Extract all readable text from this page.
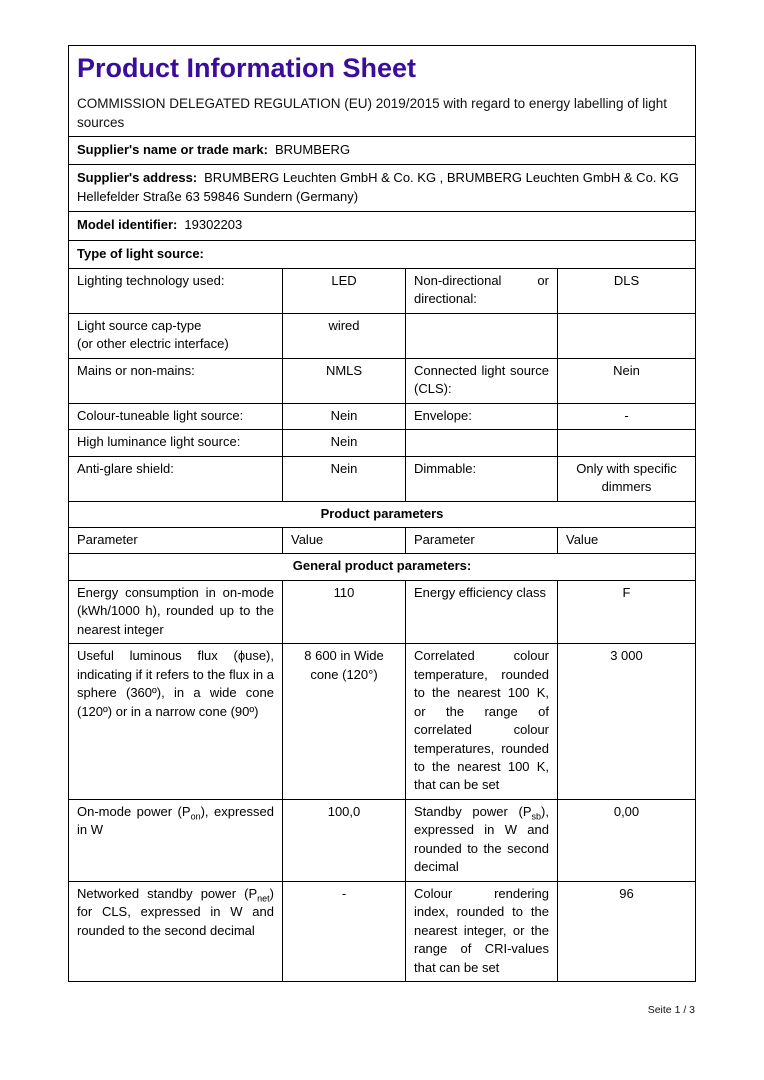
Product Information Sheet

COMMISSION DELEGATED REGULATION (EU) 2019/2015 with regard to energy labelling of light sources

Supplier's name or trade mark: BRUMBERG			
Supplier's address: BRUMBERG Leuchten GmbH & Co. KG , BRUMBERG Leuchten GmbH & Co. KG Hellefelder Straße 63 59846 Sundern (Germany)			
Model identifier: 19302203			
Type of light source:			
Lighting technology used:	LED	Non-directional or directional:	DLS
Light source cap-type
(or other electric interface)	wired		
Mains or non-mains:	NMLS	Connected light source (CLS):	Nein
Colour-tuneable light source:	Nein	Envelope:	-
High luminance light source:	Nein		
Anti-glare shield:	Nein	Dimmable:	Only with specific dimmers
Product parameters			
Parameter	Value	Parameter	Value
General product parameters:			
Energy consumption in on-mode (kWh/1000 h), rounded up to the nearest integer	110	Energy efficiency class	F
Useful luminous flux (ϕuse), indicating if it refers to the flux in a sphere (360º), in a wide cone (120º) or in a narrow cone (90º)	8 600 in Wide cone (120°)	Correlated colour temperature, rounded to the nearest 100 K, or the range of correlated colour temperatures, rounded to the nearest 100 K, that can be set	3 000
On-mode power $(P_{on})$, expressed in W	100,0	Standby power $(P_{sb})$, expressed in W and rounded to the second decimal	0,00
Networked standby power $(P_{net})$ for CLS, expressed in W and rounded to the second decimal	-	Colour rendering index, rounded to the nearest integer, or the range of CRI-values that can be set	96
Seite 1 / 3
